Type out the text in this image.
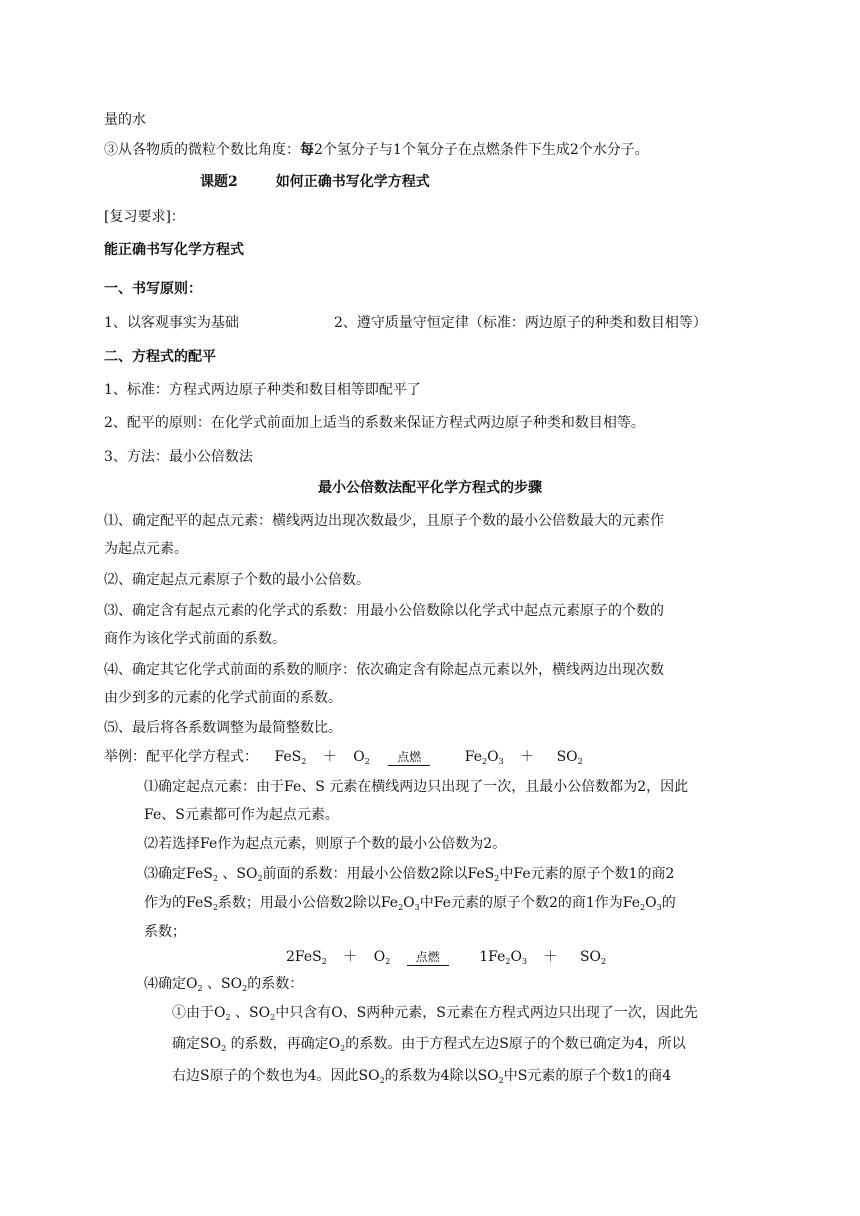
量的水
③从各物质的微粒个数比角度：每2个氢分子与1个氧分子在点燃条件下生成2个水分子。
课题2	如何正确书写化学方程式
[复习要求]：
能正确书写化学方程式
一、书写原则：
1、以客观事实为基础	2、遵守质量守恒定律（标准：两边原子的种类和数目相等）
二、方程式的配平
1、标准：方程式两边原子种类和数目相等即配平了
2、配平的原则：在化学式前面加上适当的系数来保证方程式两边原子种类和数目相等。
3、方法：最小公倍数法
最小公倍数法配平化学方程式的步骤
⑴、确定配平的起点元素：横线两边出现次数最少，且原子个数的最小公倍数最大的元素作
为起点元素。
⑵、确定起点元素原子个数的最小公倍数。
⑶、确定含有起点元素的化学式的系数：用最小公倍数除以化学式中起点元素原子的个数的
商作为该化学式前面的系数。
⑷、确定其它化学式前面的系数的顺序：依次确定含有除起点元素以外，横线两边出现次数
由少到多的元素的化学式前面的系数。
⑸、最后将各系数调整为最简整数比。
举例：配平化学方程式： $FeS_2 + O_2$ 点燃	$Fe_2O_3 + SO_2$
⑴确定起点元素：由于Fe、S 元素在横线两边只出现了一次，且最小公倍数都为2，因此
Fe、S元素都可作为起点元素。
⑵若选择Fe作为起点元素，则原子个数的最小公倍数为2。
⑶确定FeS$_2$ 、$SO_2$前面的系数：用最小公倍数2除以FeS$_2$中Fe元素的原子个数1的商2
作为的FeS$_2$系数；用最小公倍数2除以$Fe_2O_3$中Fe元素的原子个数2的商1作为$Fe_2O_3$的
系数；
$2FeS_2 + O_2$ 点燃	$1Fe_2O_3 + SO_2$
⑷确定$O_2$ 、$SO_2$的系数：
①由于$O_2$ 、$SO_2$中只含有O、S两种元素，S元素在方程式两边只出现了一次，因此先
确定$SO_2$ 的系数，再确定$O_2$的系数。由于方程式左边S原子的个数已确定为4，所以
右边S原子的个数也为4。因此$SO_2$的系数为4除以$SO_2$中S元素的原子个数1的商4
